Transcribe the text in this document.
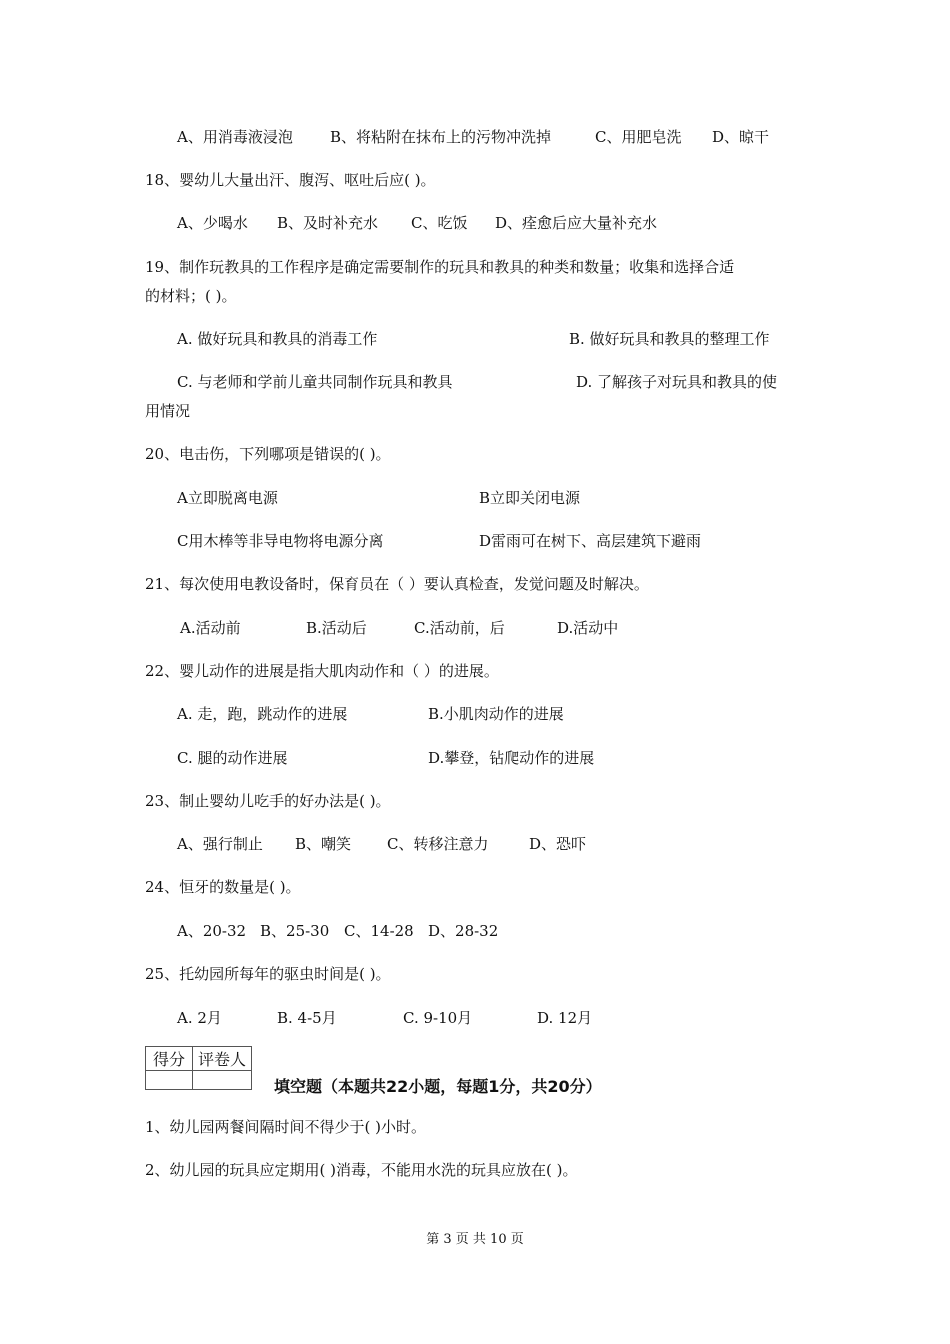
A、用消毒液浸泡 B、将粘附在抹布上的污物冲洗掉	C、用肥皂洗 D、晾干
18、婴幼儿大量出汗、腹泻、呕吐后应( )。
A、少喝水 B、及时补充水 C、吃饭 D、痊愈后应大量补充水
19、制作玩教具的工作程序是确定需要制作的玩具和教具的种类和数量；收集和选择合适
的材料；( )。
A. 做好玩具和教具的消毒工作	B. 做好玩具和教具的整理工作
C. 与老师和学前儿童共同制作玩具和教具	D. 了解孩子对玩具和教具的使
用情况
20、电击伤，下列哪项是错误的( )。
A立即脱离电源	B立即关闭电源
C用木棒等非导电物将电源分离	D雷雨可在树下、高层建筑下避雨
21、每次使用电教设备时，保育员在（ ）要认真检查，发觉问题及时解决。
A.活动前	B.活动后	C.活动前，后	D.活动中
22、婴儿动作的进展是指大肌肉动作和（ ）的进展。
A. 走，跑，跳动作的进展	B.小肌肉动作的进展
C. 腿的动作进展	D.攀登，钻爬动作的进展
23、制止婴幼儿吃手的好办法是( )。
A、强行制止 B、嘲笑 C、转移注意力	D、恐吓
24、恒牙的数量是( )。
A、20-32 B、25-30 C、14-28 D、28-32
25、托幼园所每年的驱虫时间是( )。
A. 2月	B. 4-5月	C. 9-10月	D. 12月
得分	评卷人

填空题（本题共22小题，每题1分，共20分）
1、幼儿园两餐间隔时间不得少于( )小时。
2、幼儿园的玩具应定期用( )消毒，不能用水洗的玩具应放在( )。
第 3 页 共 10 页
